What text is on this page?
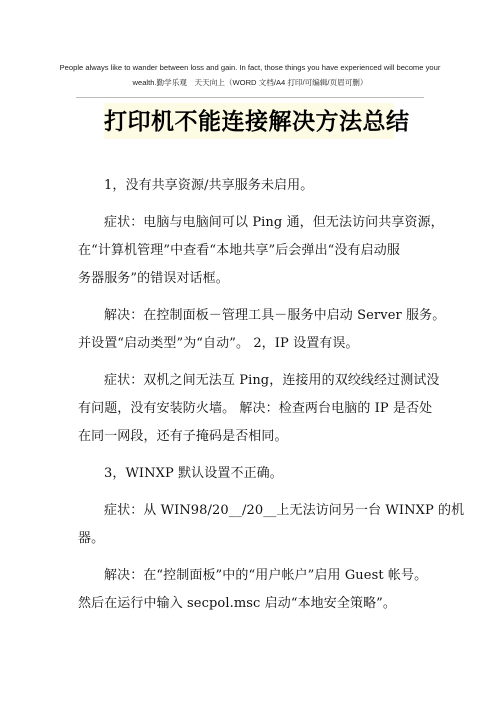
People always like to wander between loss and gain. In fact, those things you have experienced will become your
wealth.勤学乐观　天天向上（WORD 文档/A4 打印/可编辑/页眉可删）
打印机不能连接解决方法总结

1，没有共享资源/共享服务未启用。

症状：电脑与电脑间可以 Ping 通，但无法访问共享资源，
在“计算机管理”中查看“本地共享”后会弹出“没有启动服
务器服务”的错误对话框。

解决：在控制面板－管理工具－服务中启动 Server 服务。
并设置“启动类型”为“自动”。 2，IP 设置有误。

症状：双机之间无法互 Ping，连接用的双绞线经过测试没
有问题，没有安装防火墙。 解决：检查两台电脑的 IP 是否处
在同一网段，还有子掩码是否相同。

3，WINXP 默认设置不正确。

症状：从 WIN98/20__/20__上无法访问另一台 WINXP 的机
器。

解决：在“控制面板”中的“用户帐户”启用 Guest 帐号。
然后在运行中输入 secpol.msc 启动“本地安全策略”。
